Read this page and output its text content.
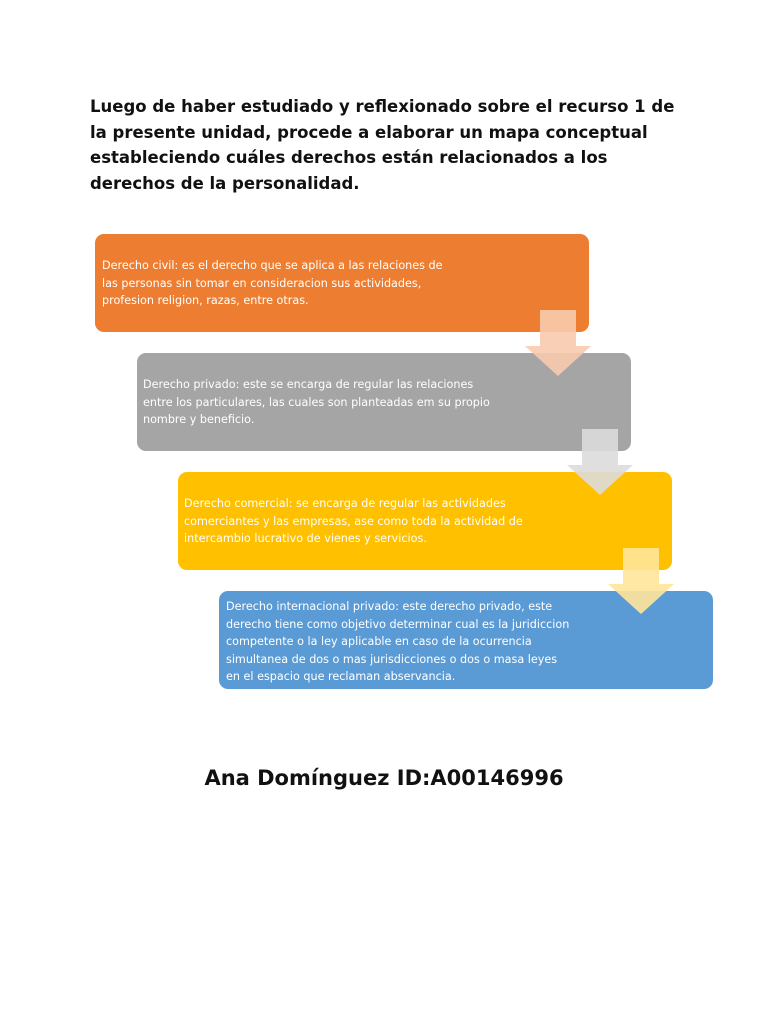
Luego de haber estudiado y reflexionado sobre el recurso 1 de la presente unidad, procede a elaborar un mapa conceptual estableciendo cuáles derechos están relacionados a los derechos de la personalidad.

Derecho civil: es el derecho que se aplica a las relaciones de
las personas sin tomar en consideracion sus actividades,
profesion religion, razas, entre otras.
Derecho privado: este se encarga de regular las relaciones
entre los particulares, las cuales son planteadas em su propio
nombre y beneficio.
Derecho comercial: se encarga de regular las actividades
comerciantes y las empresas, ase como toda la actividad de
intercambio lucrativo de vienes y servicios.
Derecho internacional privado: este derecho privado, este
derecho tiene como objetivo determinar cual es la juridiccion
competente o la ley aplicable en caso de la ocurrencia
simultanea de dos o mas jurisdicciones o dos o masa leyes
en el espacio que reclaman abservancia.

Ana Domínguez ID:A00146996
